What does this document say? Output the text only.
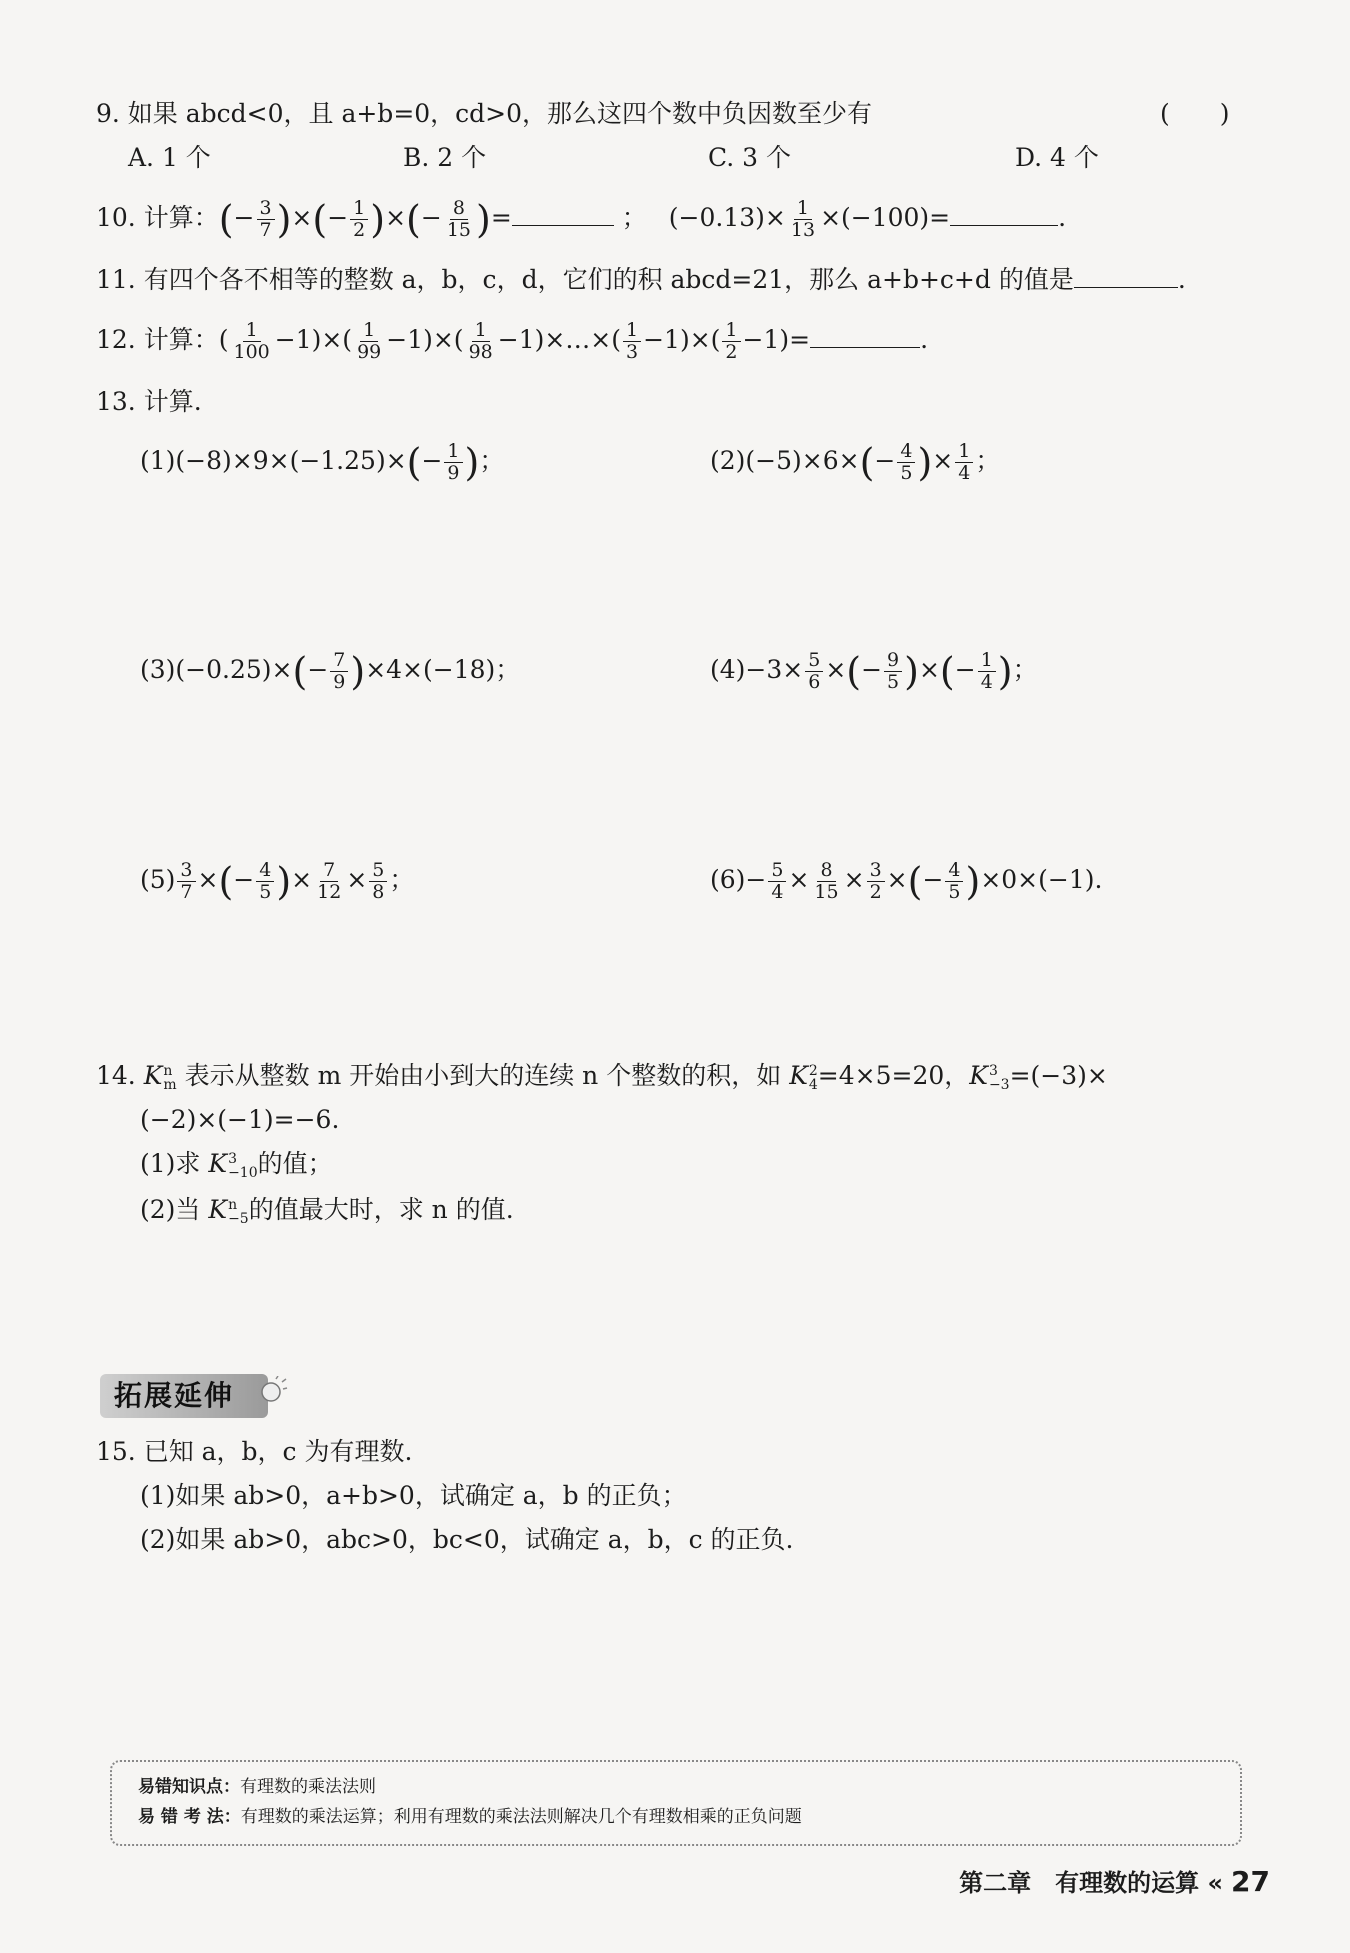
9. 如果 abcd<0，且 a+b=0，cd>0，那么这四个数中负因数至少有	(　　)
A. 1 个	B. 2 个	C. 3 个	D. 4 个
10. 计算：(− $\frac{3}{7}$ )×(− $\frac{1}{2}$ )×(− $\frac{8}{15}$ )=	； $(-0.13)\times \frac{1}{13} \times(-100)=$	.
11. 有四个各不相等的整数 a，b，c，d，它们的积 abcd=21，那么 a+b+c+d 的值是	.
12. 计算：( $\frac{1}{100} -1)\times( \frac{1}{99} -1)\times( \frac{1}{98}$ −1)×…×( $\frac{1}{3} -1)\times( \frac{1}{2} -1)=$	.
13. 计算.
$(1)(-8)\times 9\times(-1.25)\times(- \frac{1}{9}$ )；	$(2)(-5)\times 6\times(- \frac{4}{5}$ )× $\frac{1}{4}$ ；
$(3)(-0.25)\times(- \frac{7}{9} )\times 4\times(-18)$；	$(4)-3\times \frac{5}{6}$ ×(− $\frac{9}{5}$ )×(− $\frac{1}{4}$ )；
$(5) \frac{3}{7}$ ×(− $\frac{4}{5}$ )× $\frac{7}{12} \times \frac{5}{8}$ ；	$(6)- \frac{5}{4} \times \frac{8}{15} \times \frac{3}{2}$ ×(− $\frac{4}{5} )\times 0\times(-1)$.
14. K n
m 表示从整数 m 开始由小到大的连续 n 个整数的积，如 K 2
4 =4×5=20，K 3
−3 =(−3)×
(−2)×(−1)=−6.
(1)求 K 3
−10 的值；
(2)当 K n
−5 的值最大时，求 n 的值.
拓展延伸
15. 已知 a，b，c 为有理数.
(1)如果 ab>0，a+b>0，试确定 a，b 的正负；
(2)如果 ab>0，abc>0，bc<0，试确定 a，b，c 的正负.
易错知识点：有理数的乘法法则
易 错 考 法：有理数的乘法运算；利用有理数的乘法法则解决几个有理数相乘的正负问题
第二章　有理数的运算 « 27
